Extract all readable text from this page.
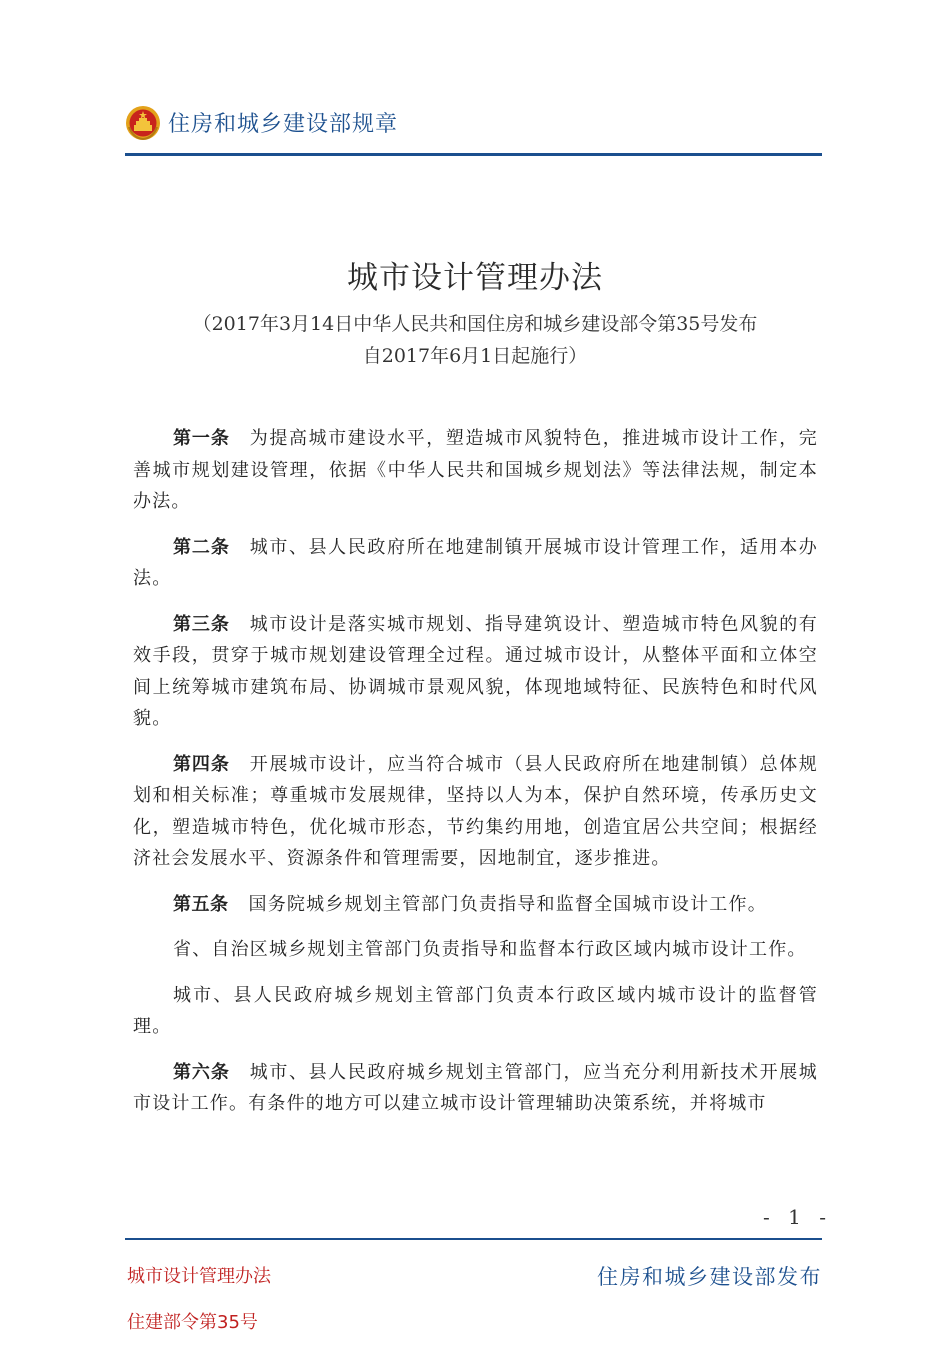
住房和城乡建设部规章
城市设计管理办法
（2017年3月14日中华人民共和国住房和城乡建设部令第35号发布
自2017年6月1日起施行）

第一条 为提高城市建设水平，塑造城市风貌特色，推进城市设计工作，完善城市规划建设管理，依据《中华人民共和国城乡规划法》等法律法规，制定本办法。

第二条 城市、县人民政府所在地建制镇开展城市设计管理工作，适用本办法。

第三条 城市设计是落实城市规划、指导建筑设计、塑造城市特色风貌的有效手段，贯穿于城市规划建设管理全过程。通过城市设计，从整体平面和立体空间上统筹城市建筑布局、协调城市景观风貌，体现地域特征、民族特色和时代风貌。

第四条 开展城市设计，应当符合城市（县人民政府所在地建制镇）总体规划和相关标准；尊重城市发展规律，坚持以人为本，保护自然环境，传承历史文化，塑造城市特色，优化城市形态，节约集约用地，创造宜居公共空间；根据经济社会发展水平、资源条件和管理需要，因地制宜，逐步推进。

第五条 国务院城乡规划主管部门负责指导和监督全国城市设计工作。

省、自治区城乡规划主管部门负责指导和监督本行政区域内城市设计工作。

城市、县人民政府城乡规划主管部门负责本行政区域内城市设计的监督管理。

第六条 城市、县人民政府城乡规划主管部门，应当充分利用新技术开展城市设计工作。有条件的地方可以建立城市设计管理辅助决策系统，并将城市

- 1 -
城市设计管理办法
住建部令第35号
住房和城乡建设部发布
